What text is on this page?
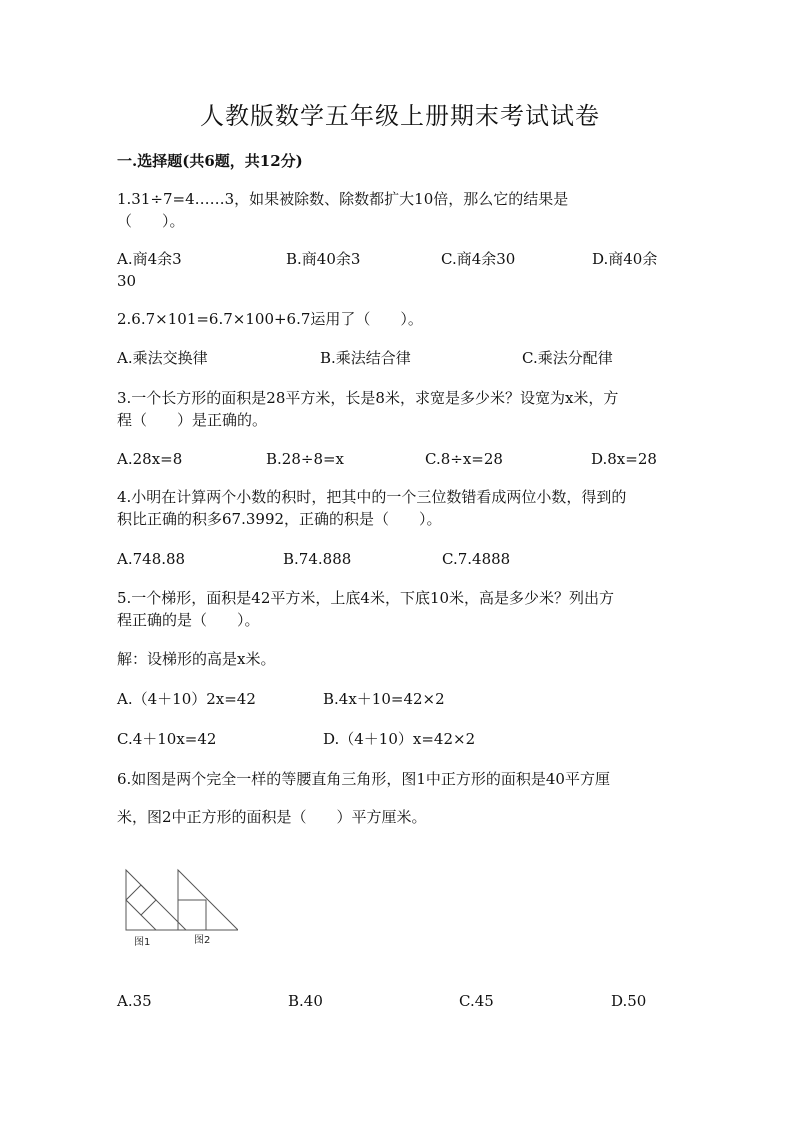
人教版数学五年级上册期末考试试卷
一.选择题(共6题，共12分)
1.31÷7=4……3，如果被除数、除数都扩大10倍，那么它的结果是
（　　）。
A.商4余3	B.商40余3	C.商4余30	D.商40余
30
2.6.7×101=6.7×100+6.7运用了（　　）。
A.乘法交换律	B.乘法结合律	C.乘法分配律
3.一个长方形的面积是28平方米，长是8米，求宽是多少米？设宽为x米，方
程（　　）是正确的。
A.28x=8	B.28÷8=x	C.8÷x=28	D.8x=28
4.小明在计算两个小数的积时，把其中的一个三位数错看成两位小数，得到的
积比正确的积多67.3992，正确的积是（　　）。
A.748.88	B.74.888	C.7.4888
5.一个梯形，面积是42平方米，上底4米，下底10米，高是多少米？列出方
程正确的是（　　）。
解：设梯形的高是x米。
A.（4＋10）2x=42	B.4x＋10=42×2
C.4＋10x=42	D.（4＋10）x=42×2
6.如图是两个完全一样的等腰直角三角形，图1中正方形的面积是40平方厘
米，图2中正方形的面积是（　　）平方厘米。
图1	图2
A.35	B.40	C.45	D.50
